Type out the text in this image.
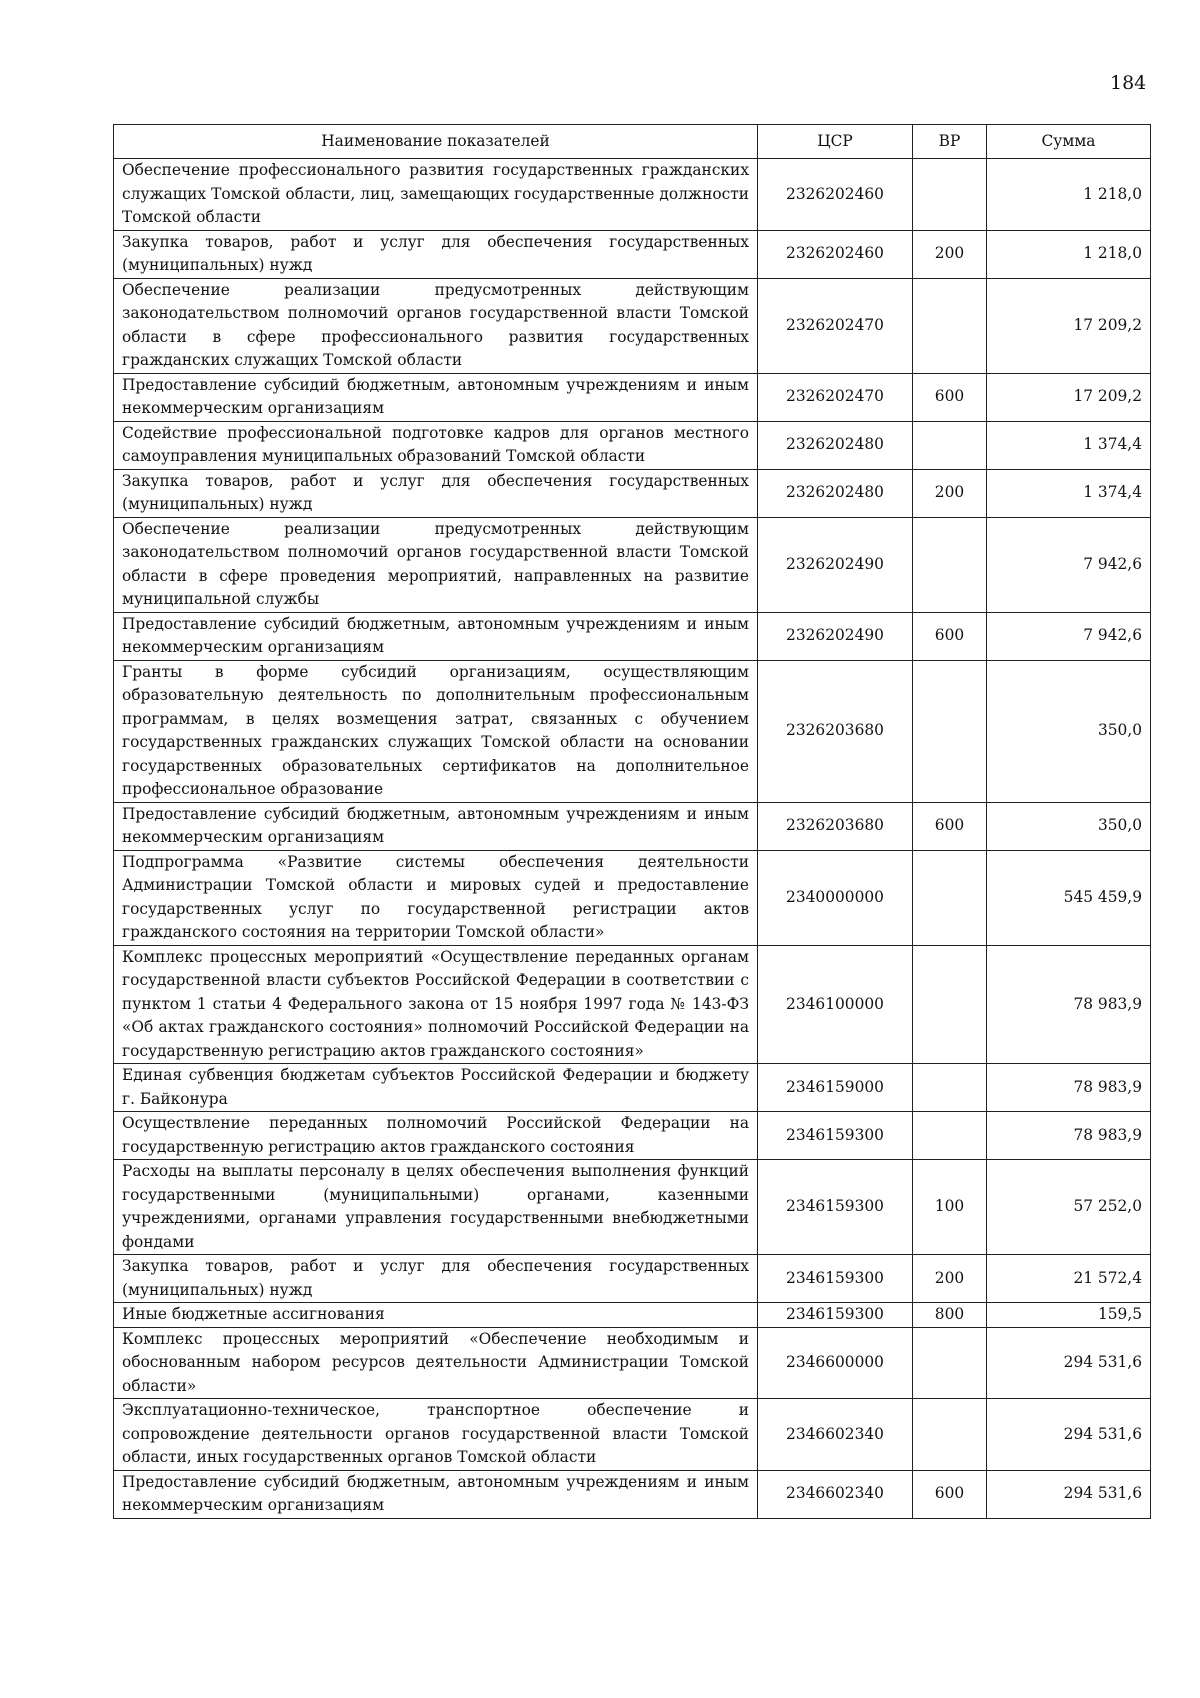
184
Наименование показателей	ЦСР	ВР	Сумма
Обеспечение профессионального развития государственных гражданских служащих Томской области, лиц, замещающих государственные должности Томской области	2326202460		1 218,0
Закупка товаров, работ и услуг для обеспечения государственных (муниципальных) нужд	2326202460	200	1 218,0
Обеспечение реализации предусмотренных действующим законодательством полномочий органов государственной власти Томской области в сфере профессионального развития государственных гражданских служащих Томской области	2326202470		17 209,2
Предоставление субсидий бюджетным, автономным учреждениям и иным некоммерческим организациям	2326202470	600	17 209,2
Содействие профессиональной подготовке кадров для органов местного самоуправления муниципальных образований Томской области	2326202480		1 374,4
Закупка товаров, работ и услуг для обеспечения государственных (муниципальных) нужд	2326202480	200	1 374,4
Обеспечение реализации предусмотренных действующим законодательством полномочий органов государственной власти Томской области в сфере проведения мероприятий, направленных на развитие муниципальной службы	2326202490		7 942,6
Предоставление субсидий бюджетным, автономным учреждениям и иным некоммерческим организациям	2326202490	600	7 942,6
Гранты в форме субсидий организациям, осуществляющим образовательную деятельность по дополнительным профессиональным программам, в целях возмещения затрат, связанных с обучением государственных гражданских служащих Томской области на основании государственных образовательных сертификатов на дополнительное профессиональное образование	2326203680		350,0
Предоставление субсидий бюджетным, автономным учреждениям и иным некоммерческим организациям	2326203680	600	350,0
Подпрограмма «Развитие системы обеспечения деятельности Администрации Томской области и мировых судей и предоставление государственных услуг по государственной регистрации актов гражданского состояния на территории Томской области»	2340000000		545 459,9
Комплекс процессных мероприятий «Осуществление переданных органам государственной власти субъектов Российской Федерации в соответствии с пунктом 1 статьи 4 Федерального закона от 15 ноября 1997 года № 143-ФЗ «Об актах гражданского состояния» полномочий Российской Федерации на государственную регистрацию актов гражданского состояния»	2346100000		78 983,9
Единая субвенция бюджетам субъектов Российской Федерации и бюджету г. Байконура	2346159000		78 983,9
Осуществление переданных полномочий Российской Федерации на государственную регистрацию актов гражданского состояния	2346159300		78 983,9
Расходы на выплаты персоналу в целях обеспечения выполнения функций государственными (муниципальными) органами, казенными учреждениями, органами управления государственными внебюджетными фондами	2346159300	100	57 252,0
Закупка товаров, работ и услуг для обеспечения государственных (муниципальных) нужд	2346159300	200	21 572,4
Иные бюджетные ассигнования	2346159300	800	159,5
Комплекс процессных мероприятий «Обеспечение необходимым и обоснованным набором ресурсов деятельности Администрации Томской области»	2346600000		294 531,6
Эксплуатационно-техническое, транспортное обеспечение и сопровождение деятельности органов государственной власти Томской области, иных государственных органов Томской области	2346602340		294 531,6
Предоставление субсидий бюджетным, автономным учреждениям и иным некоммерческим организациям	2346602340	600	294 531,6
